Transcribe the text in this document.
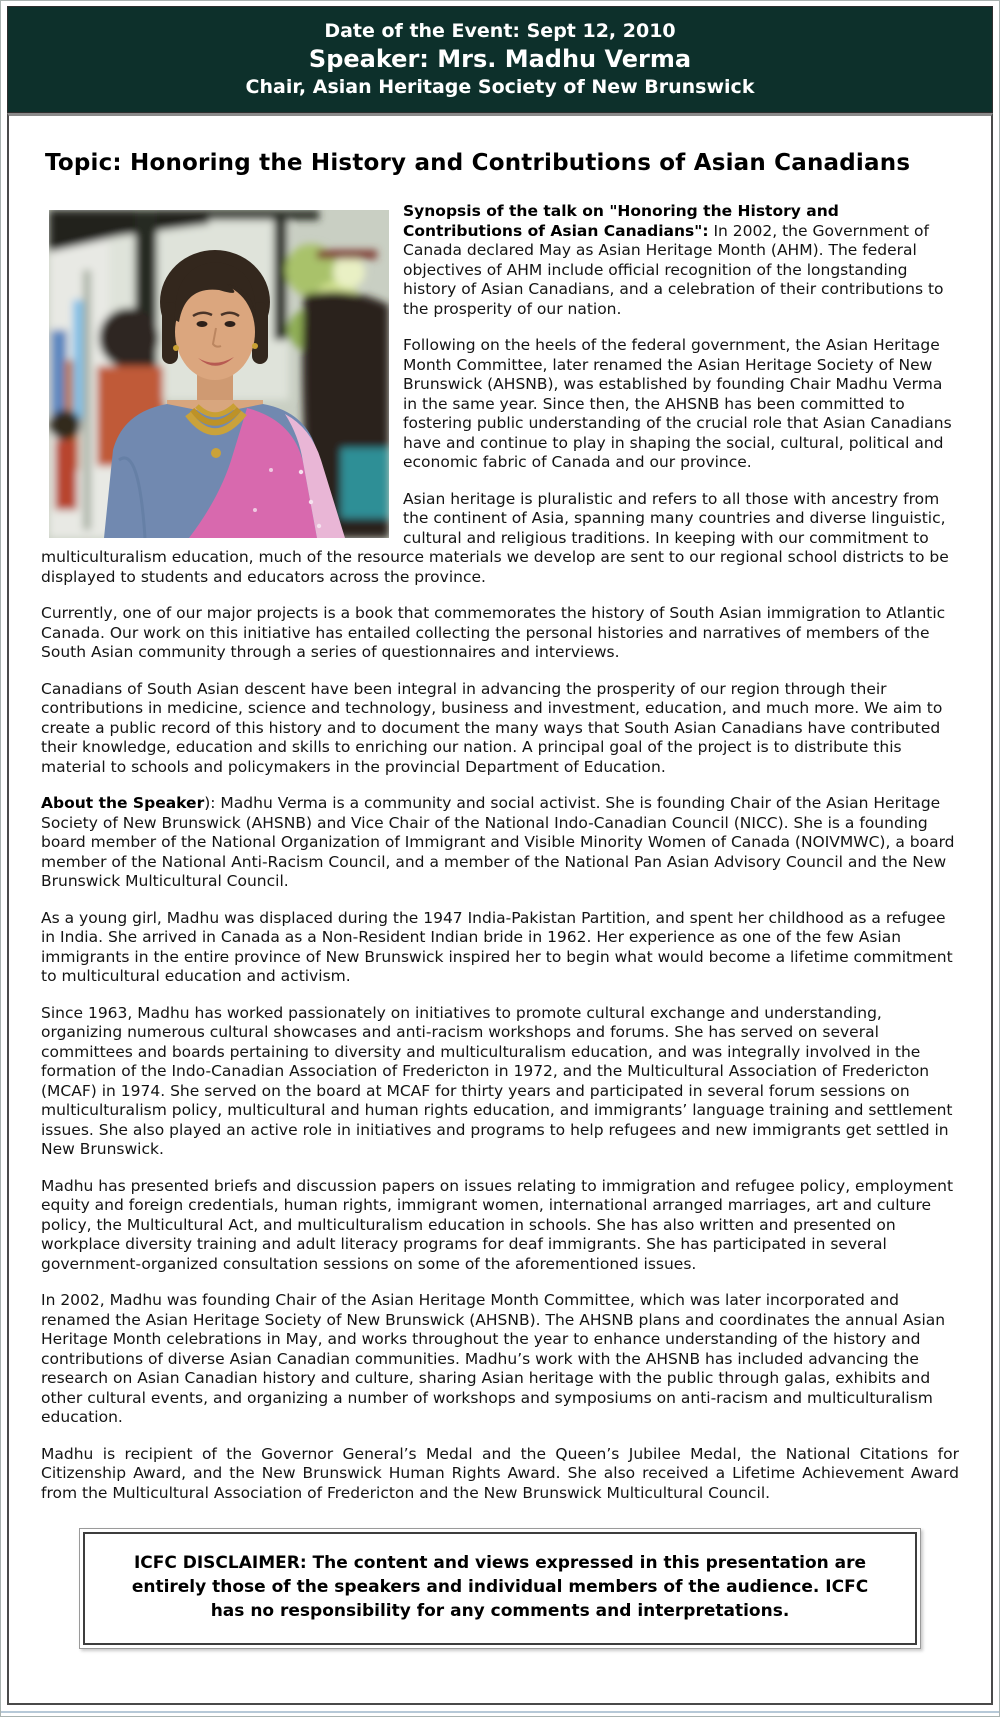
Date of the Event: Sept 12, 2010
Speaker: Mrs. Madhu Verma
Chair, Asian Heritage Society of New Brunswick
Topic: Honoring the History and Contributions of Asian Canadians

Synopsis of the talk on "Honoring the History and Contributions of Asian Canadians": In 2002, the Government of Canada declared May as Asian Heritage Month (AHM). The federal objectives of AHM include official recognition of the longstanding history of Asian Canadians, and a celebration of their contributions to the prosperity of our nation.

Following on the heels of the federal government, the Asian Heritage Month Committee, later renamed the Asian Heritage Society of New Brunswick (AHSNB), was established by founding Chair Madhu Verma in the same year. Since then, the AHSNB has been committed to fostering public understanding of the crucial role that Asian Canadians have and continue to play in shaping the social, cultural, political and economic fabric of Canada and our province.

Asian heritage is pluralistic and refers to all those with ancestry from the continent of Asia, spanning many countries and diverse linguistic, cultural and religious traditions. In keeping with our commitment to multiculturalism education, much of the resource materials we develop are sent to our regional school districts to be displayed to students and educators across the province.

Currently, one of our major projects is a book that commemorates the history of South Asian immigration to Atlantic Canada. Our work on this initiative has entailed collecting the personal histories and narratives of members of the South Asian community through a series of questionnaires and interviews.

Canadians of South Asian descent have been integral in advancing the prosperity of our region through their contributions in medicine, science and technology, business and investment, education, and much more. We aim to create a public record of this history and to document the many ways that South Asian Canadians have contributed their knowledge, education and skills to enriching our nation. A principal goal of the project is to distribute this material to schools and policymakers in the provincial Department of Education.

About the Speaker): Madhu Verma is a community and social activist. She is founding Chair of the Asian Heritage Society of New Brunswick (AHSNB) and Vice Chair of the National Indo-Canadian Council (NICC). She is a founding board member of the National Organization of Immigrant and Visible Minority Women of Canada (NOIVMWC), a board member of the National Anti-Racism Council, and a member of the National Pan Asian Advisory Council and the New Brunswick Multicultural Council.

As a young girl, Madhu was displaced during the 1947 India-Pakistan Partition, and spent her childhood as a refugee in India. She arrived in Canada as a Non-Resident Indian bride in 1962. Her experience as one of the few Asian immigrants in the entire province of New Brunswick inspired her to begin what would become a lifetime commitment to multicultural education and activism.

Since 1963, Madhu has worked passionately on initiatives to promote cultural exchange and understanding, organizing numerous cultural showcases and anti-racism workshops and forums. She has served on several committees and boards pertaining to diversity and multiculturalism education, and was integrally involved in the formation of the Indo-Canadian Association of Fredericton in 1972, and the Multicultural Association of Fredericton (MCAF) in 1974. She served on the board at MCAF for thirty years and participated in several forum sessions on multiculturalism policy, multicultural and human rights education, and immigrants’ language training and settlement issues. She also played an active role in initiatives and programs to help refugees and new immigrants get settled in New Brunswick.

Madhu has presented briefs and discussion papers on issues relating to immigration and refugee policy, employment equity and foreign credentials, human rights, immigrant women, international arranged marriages, art and culture policy, the Multicultural Act, and multiculturalism education in schools. She has also written and presented on workplace diversity training and adult literacy programs for deaf immigrants. She has participated in several government-organized consultation sessions on some of the aforementioned issues.

In 2002, Madhu was founding Chair of the Asian Heritage Month Committee, which was later incorporated and renamed the Asian Heritage Society of New Brunswick (AHSNB). The AHSNB plans and coordinates the annual Asian Heritage Month celebrations in May, and works throughout the year to enhance understanding of the history and contributions of diverse Asian Canadian communities. Madhu’s work with the AHSNB has included advancing the research on Asian Canadian history and culture, sharing Asian heritage with the public through galas, exhibits and other cultural events, and organizing a number of workshops and symposiums on anti-racism and multiculturalism education.

Madhu is recipient of the Governor General’s Medal and the Queen’s Jubilee Medal, the National Citations for Citizenship Award, and the New Brunswick Human Rights Award. She also received a Lifetime Achievement Award from the Multicultural Association of Fredericton and the New Brunswick Multicultural Council.

ICFC DISCLAIMER: The content and views expressed in this presentation are entirely those of the speakers and individual members of the audience. ICFC has no responsibility for any comments and interpretations.
